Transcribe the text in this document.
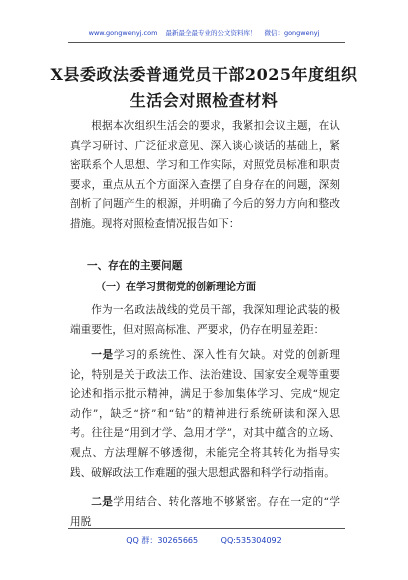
www.gongwenyj.com 最新最全最专业的公文资料库！ 微信：gongwenyj
X县委政法委普通党员干部2025年度组织生活会对照检查材料
根据本次组织生活会的要求，我紧扣会议主题，在认真学习研讨、广泛征求意见、深入谈心谈话的基础上，紧密联系个人思想、学习和工作实际，对照党员标准和职责要求，重点从五个方面深入查摆了自身存在的问题，深刻剖析了问题产生的根源，并明确了今后的努力方向和整改措施。现将对照检查情况报告如下：
一、存在的主要问题
（一）在学习贯彻党的创新理论方面
作为一名政法战线的党员干部，我深知理论武装的极端重要性，但对照高标准、严要求，仍存在明显差距：
一是学习的系统性、深入性有欠缺。对党的创新理论，特别是关于政法工作、法治建设、国家安全观等重要论述和指示批示精神，满足于参加集体学习、完成“规定动作”，缺乏“挤”和“钻”的精神进行系统研读和深入思考。往往是“用到才学、急用才学”，对其中蕴含的立场、观点、方法理解不够透彻，未能完全将其转化为指导实践、破解政法工作难题的强大思想武器和科学行动指南。
二是学用结合、转化落地不够紧密。存在一定的“学用脱
QQ 群：30265665	QQ:535304092
